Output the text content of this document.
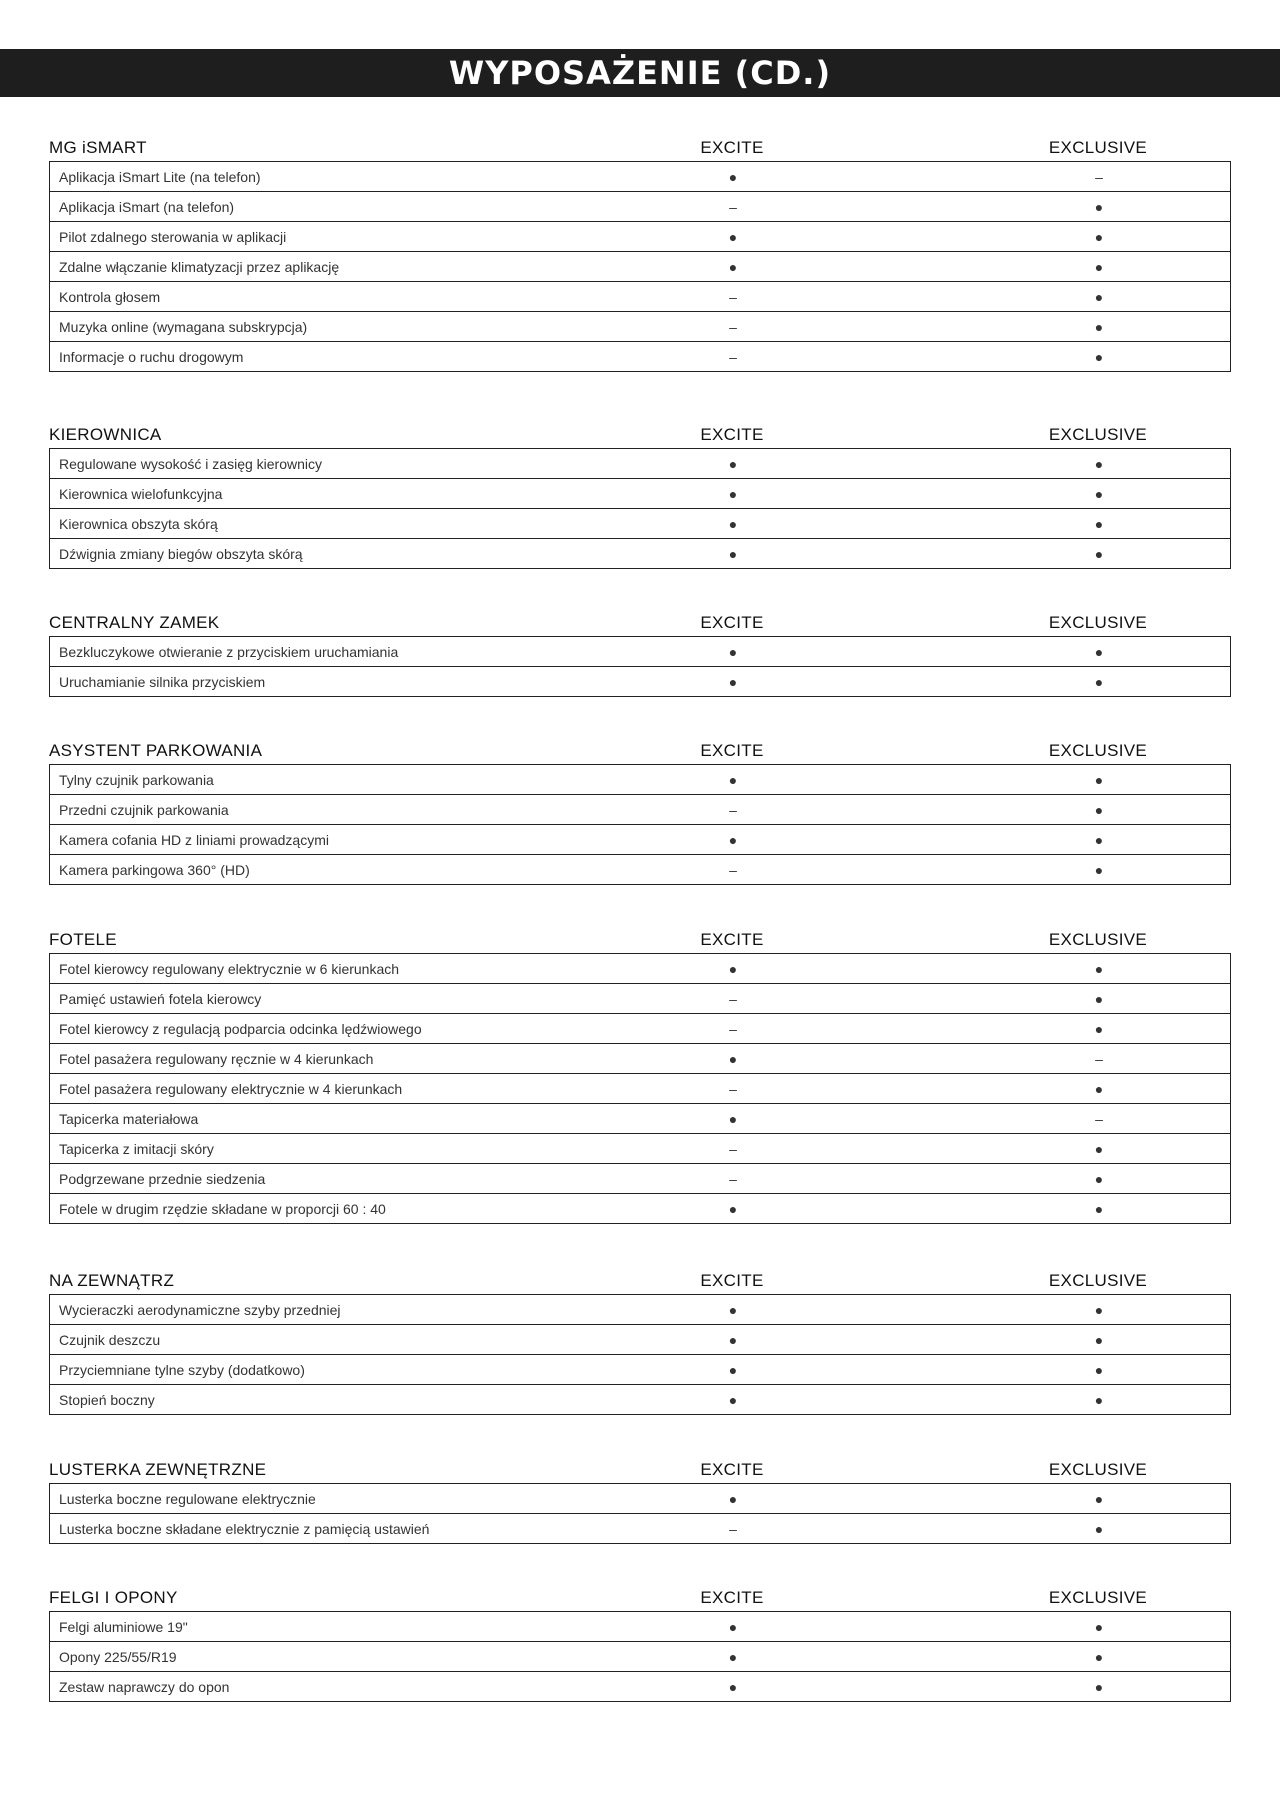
WYPOSAŻENIE (CD.)
MG iSMART	EXCITE	EXCLUSIVE
Aplikacja iSmart Lite (na telefon)	●		–	
Aplikacja iSmart (na telefon)	–		●	
Pilot zdalnego sterowania w aplikacji	●		●	
Zdalne włączanie klimatyzacji przez aplikację	●		●	
Kontrola głosem	–		●	
Muzyka online (wymagana subskrypcja)	–		●	
Informacje o ruchu drogowym	–		●	
KIEROWNICA	EXCITE	EXCLUSIVE
Regulowane wysokość i zasięg kierownicy	●		●	
Kierownica wielofunkcyjna	●		●	
Kierownica obszyta skórą	●		●	
Dźwignia zmiany biegów obszyta skórą	●		●	
CENTRALNY ZAMEK	EXCITE	EXCLUSIVE
Bezkluczykowe otwieranie z przyciskiem uruchamiania	●		●	
Uruchamianie silnika przyciskiem	●		●	
ASYSTENT PARKOWANIA	EXCITE	EXCLUSIVE
Tylny czujnik parkowania	●		●	
Przedni czujnik parkowania	–		●	
Kamera cofania HD z liniami prowadzącymi	●		●	
Kamera parkingowa 360° (HD)	–		●	
FOTELE	EXCITE	EXCLUSIVE
Fotel kierowcy regulowany elektrycznie w 6 kierunkach	●		●	
Pamięć ustawień fotela kierowcy	–		●	
Fotel kierowcy z regulacją podparcia odcinka lędźwiowego	–		●	
Fotel pasażera regulowany ręcznie w 4 kierunkach	●		–	
Fotel pasażera regulowany elektrycznie w 4 kierunkach	–		●	
Tapicerka materiałowa	●		–	
Tapicerka z imitacji skóry	–		●	
Podgrzewane przednie siedzenia	–		●	
Fotele w drugim rzędzie składane w proporcji 60 : 40	●		●	
NA ZEWNĄTRZ	EXCITE	EXCLUSIVE
Wycieraczki aerodynamiczne szyby przedniej	●		●	
Czujnik deszczu	●		●	
Przyciemniane tylne szyby (dodatkowo)	●		●	
Stopień boczny	●		●	
LUSTERKA ZEWNĘTRZNE	EXCITE	EXCLUSIVE
Lusterka boczne regulowane elektrycznie	●		●	
Lusterka boczne składane elektrycznie z pamięcią ustawień	–		●	
FELGI I OPONY	EXCITE	EXCLUSIVE
Felgi aluminiowe 19"	●		●	
Opony 225/55/R19	●		●	
Zestaw naprawczy do opon	●		●	
